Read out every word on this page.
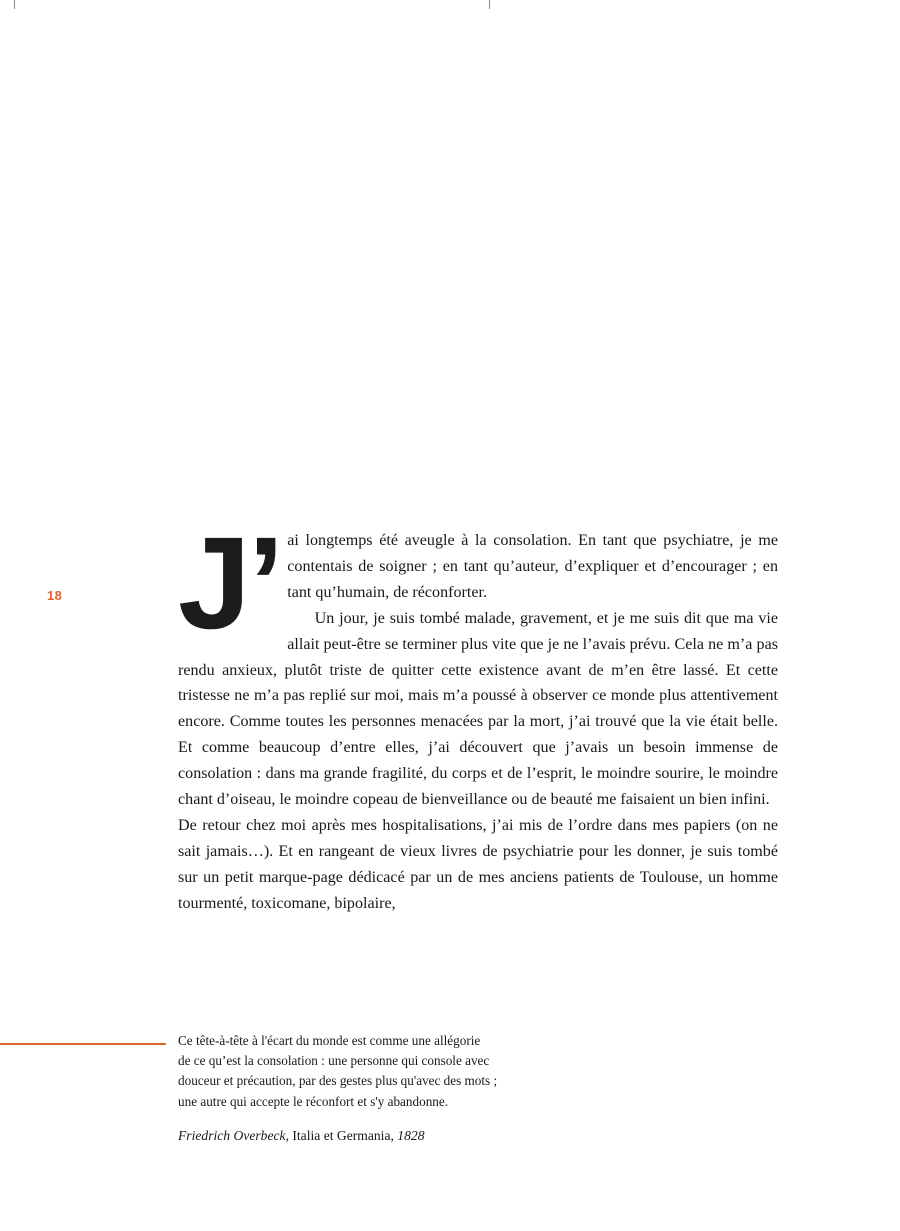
18 J’ ai longtemps été aveugle à la consolation. En tant que psychiatre, je me contentais de soigner ; en tant qu’auteur, d’expliquer et d’encourager ; en tant qu’humain, de réconforter.

Un jour, je suis tombé malade, gravement, et je me suis dit que ma vie allait peut-être se terminer plus vite que je ne l’avais prévu. Cela ne m’a pas rendu anxieux, plutôt triste de quitter cette existence avant de m’en être lassé. Et cette tristesse ne m’a pas replié sur moi, mais m’a poussé à observer ce monde plus attentivement encore. Comme toutes les personnes menacées par la mort, j’ai trouvé que la vie était belle. Et comme beaucoup d’entre elles, j’ai découvert que j’avais un besoin immense de consolation : dans ma grande fragilité, du corps et de l’esprit, le moindre sourire, le moindre chant d’oiseau, le moindre copeau de bienveillance ou de beauté me faisaient un bien infini.

De retour chez moi après mes hospitalisations, j’ai mis de l’ordre dans mes papiers (on ne sait jamais…). Et en rangeant de vieux livres de psychiatrie pour les donner, je suis tombé sur un petit marque-page dédicacé par un de mes anciens patients de Toulouse, un homme tourmenté, toxicomane, bipolaire,

Ce tête-à-tête à l'écart du monde est comme une allégorie

de ce qu’est la consolation : une personne qui console avec

douceur et précaution, par des gestes plus qu'avec des mots ;

une autre qui accepte le réconfort et s'y abandonne.

Friedrich Overbeck, Italia et Germania, 1828
